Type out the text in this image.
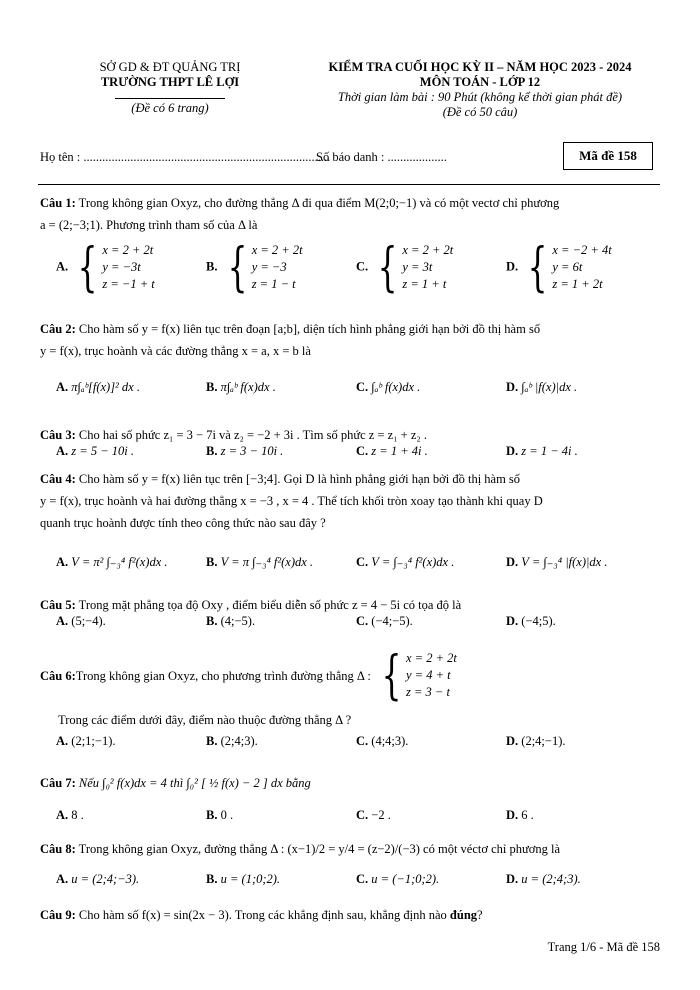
SỞ GD & ĐT QUẢNG TRỊ
TRƯỜNG THPT LÊ LỢI
(Đề có 6 trang)
KIỂM TRA CUỐI HỌC KỲ II – NĂM HỌC 2023 - 2024
MÔN TOÁN - LỚP 12
Thời gian làm bài : 90 Phút (không kể thời gian phát đề)
(Đề có 50 câu)
Họ tên : ...............................................................................
Số báo danh : ...................	Mã đề 158
Câu 1: Trong không gian Oxyz, cho đường thẳng Δ đi qua điểm M(2;0;−1) và có một vectơ chỉ phương
a = (2;−3;1). Phương trình tham số của Δ là
A. { x = 2 + 2t
y = −3t
z = −1 + t
B. { x = 2 + 2t
y = −3
z = 1 − t
C. { x = 2 + 2t
y = 3t
z = 1 + t
D. { x = −2 + 4t
y = 6t
z = 1 + 2t
Câu 2: Cho hàm số y = f(x) liên tục trên đoạn [a;b], diện tích hình phẳng giới hạn bởi đồ thị hàm số
y = f(x), trục hoành và các đường thẳng x = a, x = b là
A. π∫ₐᵇ[f(x)]² dx .	B. π∫ₐᵇ f(x)dx .	C. ∫ₐᵇ f(x)dx .	D. ∫ₐᵇ |f(x)|dx .
Câu 3: Cho hai số phức z₁ = 3 − 7i và z₂ = −2 + 3i . Tìm số phức z = z₁ + z₂ .
A. z = 5 − 10i .	B. z = 3 − 10i .	C. z = 1 + 4i .	D. z = 1 − 4i .
Câu 4: Cho hàm số y = f(x) liên tục trên [−3;4]. Gọi D là hình phẳng giới hạn bởi đồ thị hàm số
y = f(x), trục hoành và hai đường thẳng x = −3 , x = 4 . Thể tích khối tròn xoay tạo thành khi quay D
quanh trục hoành được tính theo công thức nào sau đây ?
A. V = π² ∫₋₃⁴ f²(x)dx .	B. V = π ∫₋₃⁴ f²(x)dx .	C. V = ∫₋₃⁴ f²(x)dx .	D. V = ∫₋₃⁴ |f(x)|dx .
Câu 5: Trong mặt phẳng tọa độ Oxy , điểm biểu diễn số phức z = 4 − 5i có tọa độ là
A. (5;−4).	B. (4;−5).	C. (−4;−5).	D. (−4;5).
Câu 6: Trong không gian Oxyz, cho phương trình đường thẳng Δ : { x = 2 + 2t
y = 4 + t
z = 3 − t
Trong các điểm dưới đây, điểm nào thuộc đường thẳng Δ ?
A. (2;1;−1).	B. (2;4;3).	C. (4;4;3).	D. (2;4;−1).
Câu 7: Nếu ∫₀² f(x)dx = 4 thì ∫₀² [ ½ f(x) − 2 ] dx bằng
A. 8 .	B. 0 .	C. −2 .	D. 6 .
Câu 8: Trong không gian Oxyz, đường thẳng Δ : (x−1)/2 = y/4 = (z−2)/(−3) có một véctơ chỉ phương là
A. u = (2;4;−3).	B. u = (1;0;2).	C. u = (−1;0;2).	D. u = (2;4;3).
Câu 9: Cho hàm số f(x) = sin(2x − 3). Trong các khẳng định sau, khẳng định nào đúng?
Trang 1/6 - Mã đề 158
